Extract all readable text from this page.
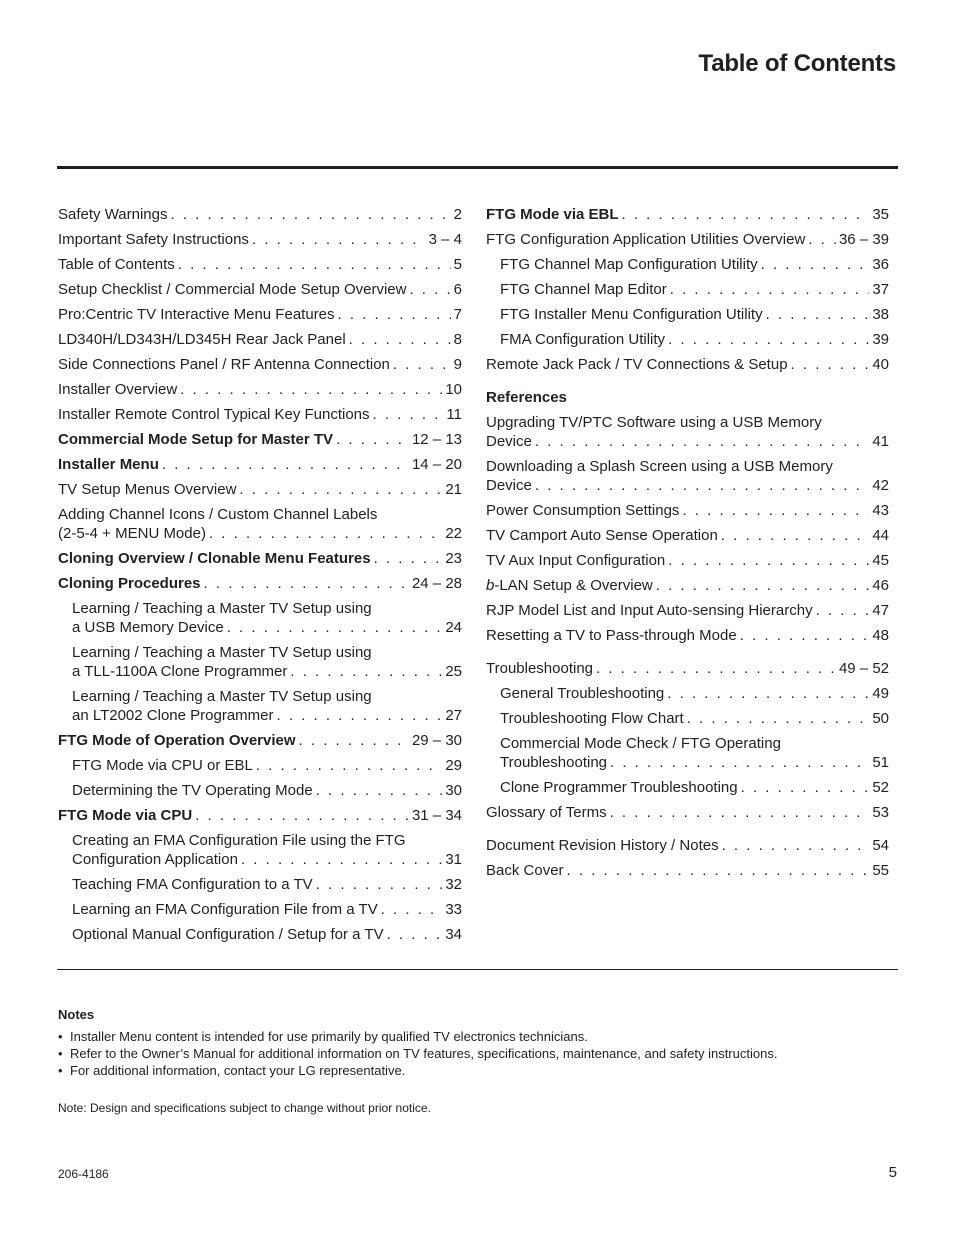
Table of Contents
Safety Warnings . . .	2
Important Safety Instructions . . .	3 – 4
Table of Contents . . .	5
Setup Checklist / Commercial Mode Setup Overview . . .	6
Pro:Centric TV Interactive Menu Features . . .	7
LD340H/LD343H/LD345H Rear Jack Panel . . .	8
Side Connections Panel / RF Antenna Connection . . .	9
Installer Overview . . .	10
Installer Remote Control Typical Key Functions . . .	11
Commercial Mode Setup for Master TV . . .	12 – 13
Installer Menu . . .	14 – 20
TV Setup Menus Overview . . .	21
Adding Channel Icons / Custom Channel Labels
(2-5-4 + MENU Mode) . . .	22
Cloning Overview / Clonable Menu Features . . .	23
Cloning Procedures . . .	24 – 28
Learning / Teaching a Master TV Setup using
a USB Memory Device . . .	24
Learning / Teaching a Master TV Setup using
a TLL-1100A Clone Programmer . . .	25
Learning / Teaching a Master TV Setup using
an LT2002 Clone Programmer . . .	27
FTG Mode of Operation Overview . . .	29 – 30
FTG Mode via CPU or EBL . . .	29
Determining the TV Operating Mode . . .	30
FTG Mode via CPU . . .	31 – 34
Creating an FMA Configuration File using the FTG
Configuration Application . . .	31
Teaching FMA Configuration to a TV . . .	32
Learning an FMA Configuration File from a TV . . .	33
Optional Manual Configuration / Setup for a TV . . .	34
FTG Mode via EBL . . .	35
FTG Configuration Application Utilities Overview . . . 36 – 39
FTG Channel Map Configuration Utility . . .	36
FTG Channel Map Editor . . .	37
FTG Installer Menu Configuration Utility . . .	38
FMA Configuration Utility . . .	39
Remote Jack Pack / TV Connections & Setup . . .	40
References
Upgrading TV/PTC Software using a USB Memory
Device . . .	41
Downloading a Splash Screen using a USB Memory
Device . . .	42
Power Consumption Settings . . .	43
TV Camport Auto Sense Operation . . .	44
TV Aux Input Configuration . . .	45
b-LAN Setup & Overview . . .	46
RJP Model List and Input Auto-sensing Hierarchy . . .	47
Resetting a TV to Pass-through Mode . . .	48
Troubleshooting . . .	49 – 52
General Troubleshooting . . .	49
Troubleshooting Flow Chart . . .	50
Commercial Mode Check / FTG Operating
Troubleshooting . . .	51
Clone Programmer Troubleshooting . . .	52
Glossary of Terms . . .	53
Document Revision History / Notes . . .	54
Back Cover . . .	55
Notes
• Installer Menu content is intended for use primarily by qualified TV electronics technicians.
• Refer to the Owner’s Manual for additional information on TV features, specifications, maintenance, and safety instructions.
• For additional information, contact your LG representative.
Note: Design and specifications subject to change without prior notice.
206-4186	5
